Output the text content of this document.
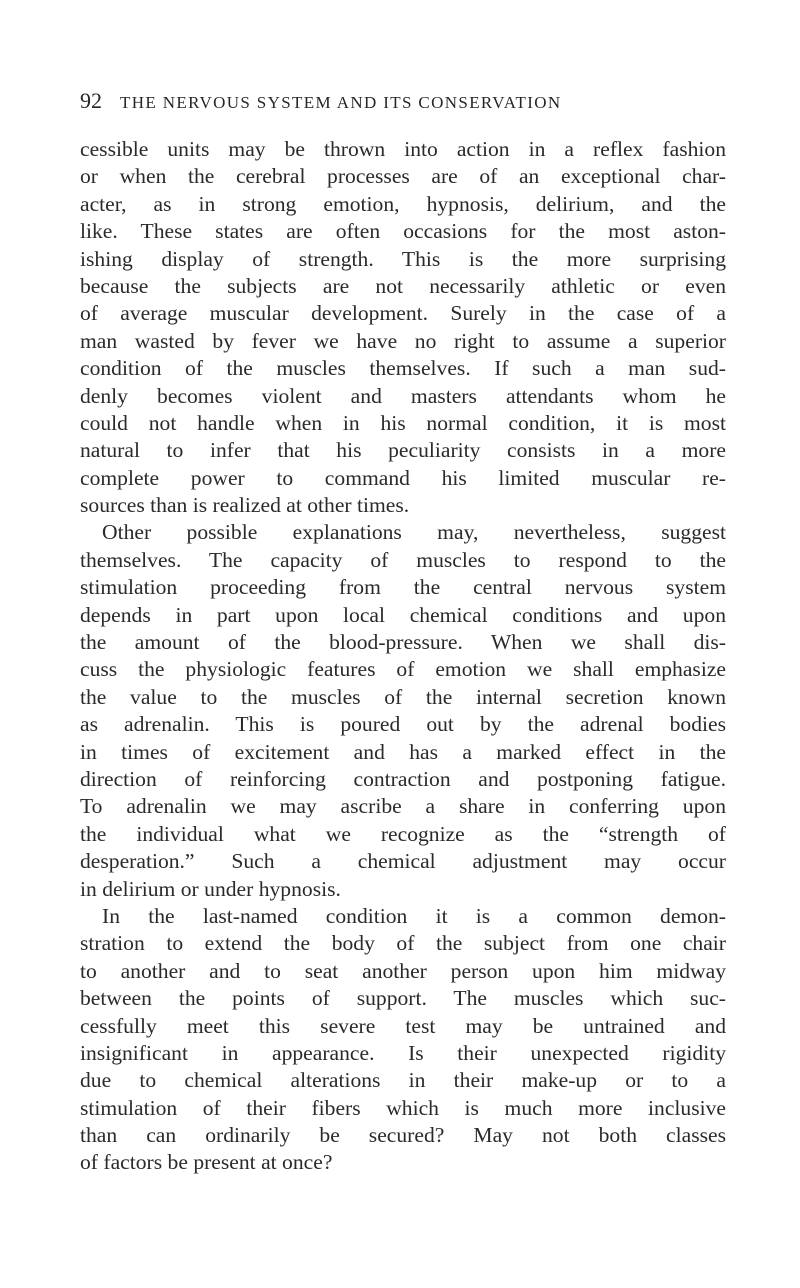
92 THE NERVOUS SYSTEM AND ITS CONSERVATION
cessible units may be thrown into action in a reflex fashion
or when the cerebral processes are of an exceptional char-
acter, as in strong emotion, hypnosis, delirium, and the
like. These states are often occasions for the most aston-
ishing display of strength. This is the more surprising
because the subjects are not necessarily athletic or even
of average muscular development. Surely in the case of a
man wasted by fever we have no right to assume a superior
condition of the muscles themselves. If such a man sud-
denly becomes violent and masters attendants whom he
could not handle when in his normal condition, it is most
natural to infer that his peculiarity consists in a more
complete power to command his limited muscular re-
sources than is realized at other times.
Other possible explanations may, nevertheless, suggest
themselves. The capacity of muscles to respond to the
stimulation proceeding from the central nervous system
depends in part upon local chemical conditions and upon
the amount of the blood-pressure. When we shall dis-
cuss the physiologic features of emotion we shall emphasize
the value to the muscles of the internal secretion known
as adrenalin. This is poured out by the adrenal bodies
in times of excitement and has a marked effect in the
direction of reinforcing contraction and postponing fatigue.
To adrenalin we may ascribe a share in conferring upon
the individual what we recognize as the “strength of
desperation.” Such a chemical adjustment may occur
in delirium or under hypnosis.
In the last-named condition it is a common demon-
stration to extend the body of the subject from one chair
to another and to seat another person upon him midway
between the points of support. The muscles which suc-
cessfully meet this severe test may be untrained and
insignificant in appearance. Is their unexpected rigidity
due to chemical alterations in their make-up or to a
stimulation of their fibers which is much more inclusive
than can ordinarily be secured? May not both classes
of factors be present at once?
